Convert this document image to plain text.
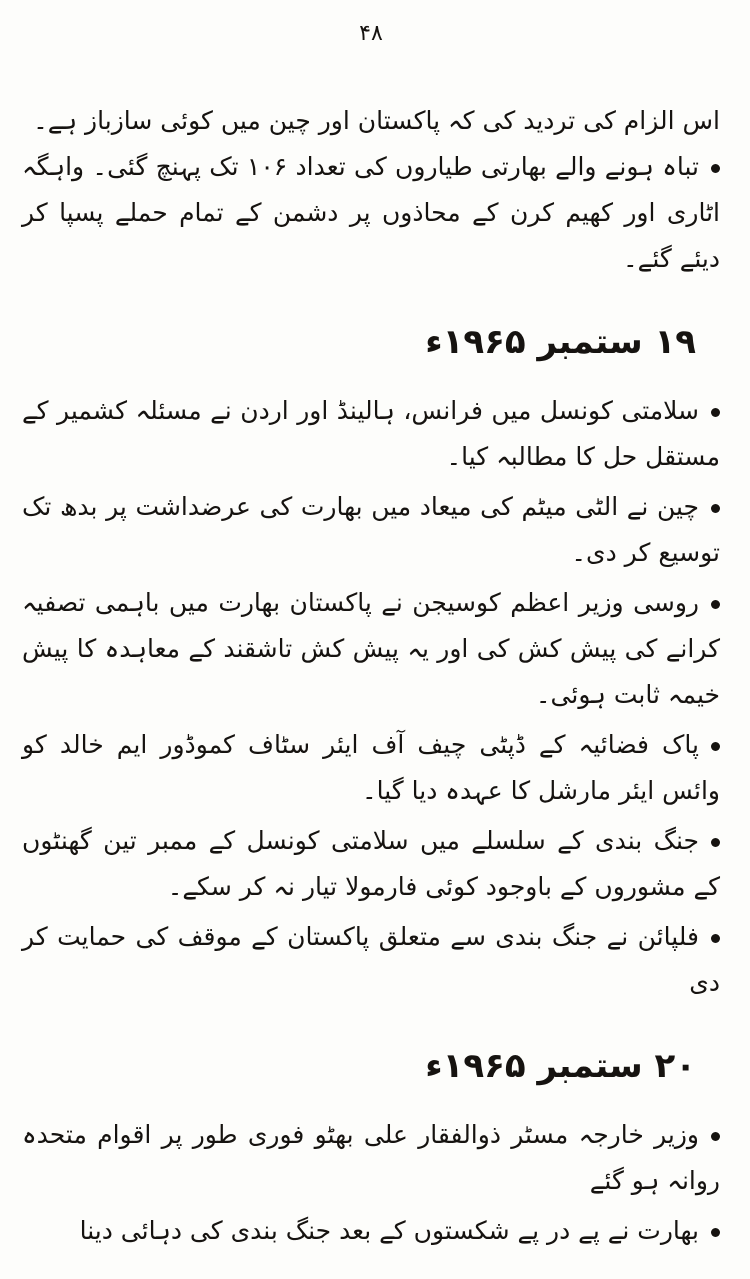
۴۸

اس الزام کی تردید کی کہ پاکستان اور چین میں کوئی سازباز ہے۔

تباہ ہونے والے بھارتی طیاروں کی تعداد ۱۰۶ تک پہنچ گئی۔ واہگہ اٹاری اور کھیم کرن کے محاذوں پر دشمن کے تمام حملے پسپا کر دیئے گئے۔

۱۹ ستمبر ۱۹۶۵ء

سلامتی کونسل میں فرانس، ہالینڈ اور اردن نے مسئلہ کشمیر کے مستقل حل کا مطالبہ کیا۔

چین نے الٹی میٹم کی میعاد میں بھارت کی عرضداشت پر بدھ تک توسیع کر دی۔

روسی وزیر اعظم کوسیجن نے پاکستان بھارت میں باہمی تصفیہ کرانے کی پیش کش کی اور یہ پیش کش تاشقند کے معاہدہ کا پیش خیمہ ثابت ہوئی۔

پاک فضائیہ کے ڈپٹی چیف آف ایئر سٹاف کموڈور ایم خالد کو وائس ایئر مارشل کا عہدہ دیا گیا۔

جنگ بندی کے سلسلے میں سلامتی کونسل کے ممبر تین گھنٹوں کے مشوروں کے باوجود کوئی فارمولا تیار نہ کر سکے۔

فلپائن نے جنگ بندی سے متعلق پاکستان کے موقف کی حمایت کر دی

۲۰ ستمبر ۱۹۶۵ء

وزیر خارجہ مسٹر ذوالفقار علی بھٹو فوری طور پر اقوام متحدہ روانہ ہو گئے

بھارت نے پے در پے شکستوں کے بعد جنگ بندی کی دہائی دینا
